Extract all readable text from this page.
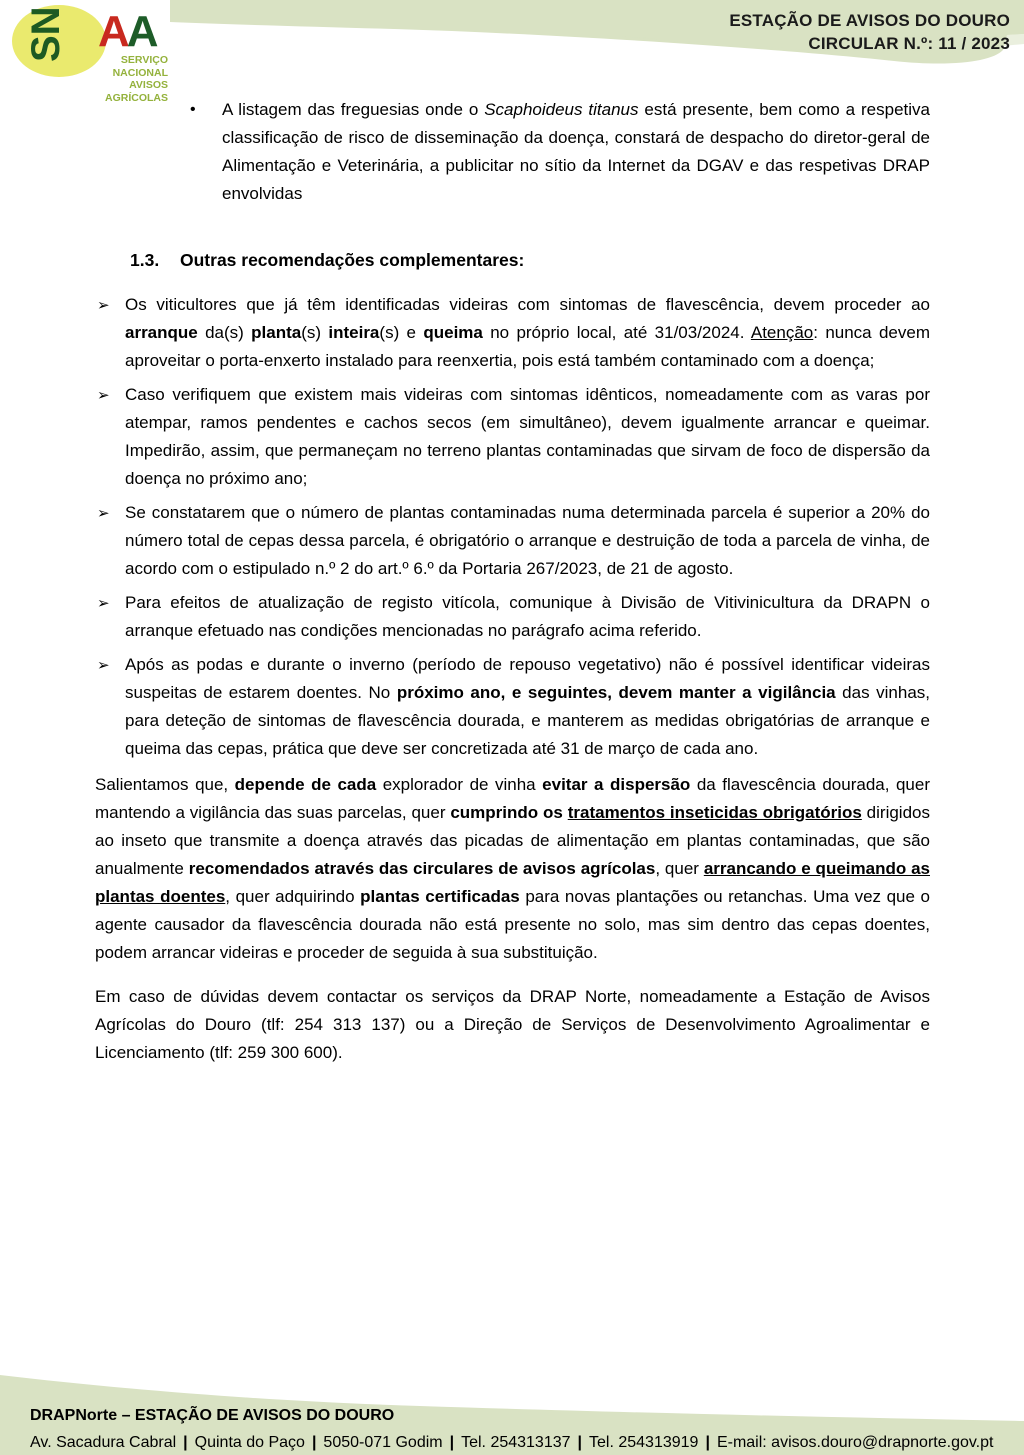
SN AA
SERVIÇO
NACIONAL
AVISOS
AGRÍCOLAS
ESTAÇÃO DE AVISOS DO DOURO
CIRCULAR N.º: 11 / 2023
•	A listagem das freguesias onde o Scaphoideus titanus está presente, bem como a respetiva classificação de risco de disseminação da doença, constará de despacho do diretor-geral de Alimentação e Veterinária, a publicitar no sítio da Internet da DGAV e das respetivas DRAP envolvidas
1.3. Outras recomendações complementares:
➢ Os viticultores que já têm identificadas videiras com sintomas de flavescência, devem proceder ao arranque da(s) planta(s) inteira(s) e queima no próprio local, até 31/03/2024. Atenção: nunca devem aproveitar o porta-enxerto instalado para reenxertia, pois está também contaminado com a doença;
➢ Caso verifiquem que existem mais videiras com sintomas idênticos, nomeadamente com as varas por atempar, ramos pendentes e cachos secos (em simultâneo), devem igualmente arrancar e queimar. Impedirão, assim, que permaneçam no terreno plantas contaminadas que sirvam de foco de dispersão da doença no próximo ano;
➢ Se constatarem que o número de plantas contaminadas numa determinada parcela é superior a 20% do número total de cepas dessa parcela, é obrigatório o arranque e destruição de toda a parcela de vinha, de acordo com o estipulado n.º 2 do art.º 6.º da Portaria 267/2023, de 21 de agosto.
➢ Para efeitos de atualização de registo vitícola, comunique à Divisão de Vitivinicultura da DRAPN o arranque efetuado nas condições mencionadas no parágrafo acima referido.
➢ Após as podas e durante o inverno (período de repouso vegetativo) não é possível identificar videiras suspeitas de estarem doentes. No próximo ano, e seguintes, devem manter a vigilância das vinhas, para deteção de sintomas de flavescência dourada, e manterem as medidas obrigatórias de arranque e queima das cepas, prática que deve ser concretizada até 31 de março de cada ano.
Salientamos que, depende de cada explorador de vinha evitar a dispersão da flavescência dourada, quer mantendo a vigilância das suas parcelas, quer cumprindo os tratamentos inseticidas obrigatórios dirigidos ao inseto que transmite a doença através das picadas de alimentação em plantas contaminadas, que são anualmente recomendados através das circulares de avisos agrícolas, quer arrancando e queimando as plantas doentes, quer adquirindo plantas certificadas para novas plantações ou retanchas. Uma vez que o agente causador da flavescência dourada não está presente no solo, mas sim dentro das cepas doentes, podem arrancar videiras e proceder de seguida à sua substituição.
Em caso de dúvidas devem contactar os serviços da DRAP Norte, nomeadamente a Estação de Avisos Agrícolas do Douro (tlf: 254 313 137) ou a Direção de Serviços de Desenvolvimento Agroalimentar e Licenciamento (tlf: 259 300 600).
DRAPNorte – ESTAÇÃO DE AVISOS DO DOURO
Av. Sacadura Cabral | Quinta do Paço | 5050-071 Godim | Tel. 254313137 | Tel. 254313919 | E-mail: avisos.douro@drapnorte.gov.pt
